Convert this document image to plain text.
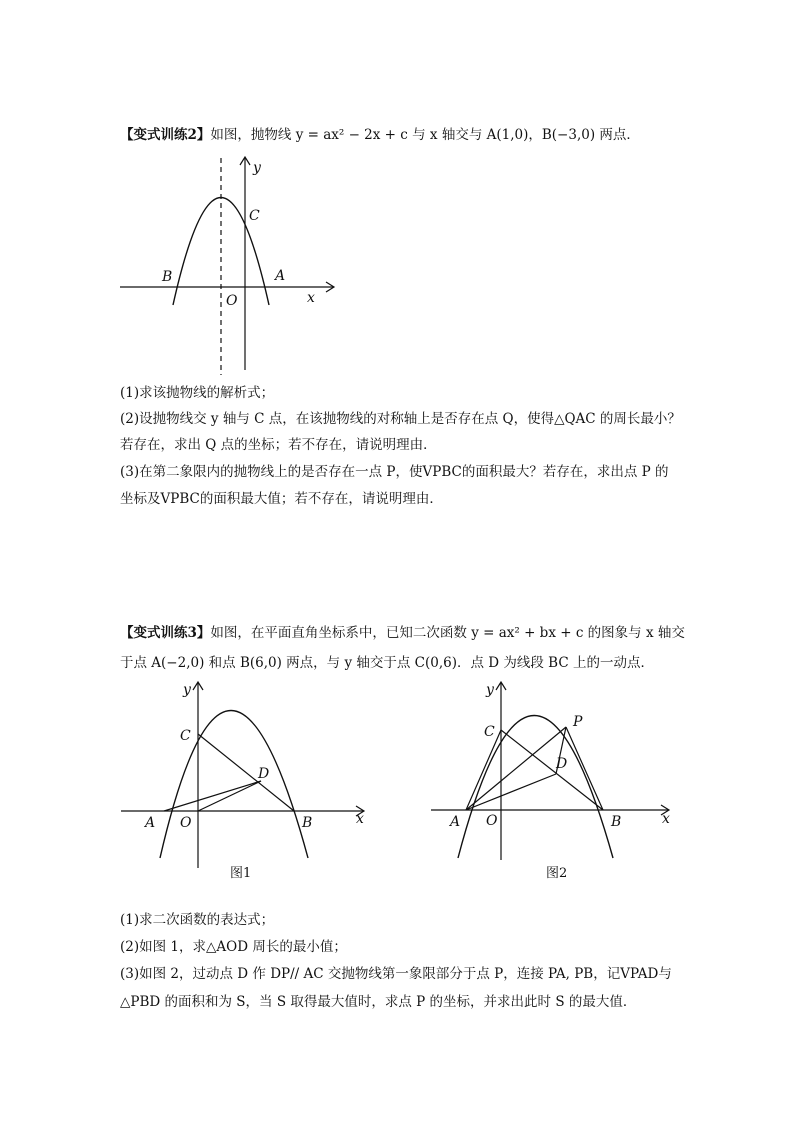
【变式训练2】如图，抛物线 y = ax² − 2x + c 与 x 轴交与 A(1,0)，B(−3,0) 两点．
y
x
O
A
B
C
(1)求该抛物线的解析式；
(2)设抛物线交 y 轴与 C 点，在该抛物线的对称轴上是否存在点 Q，使得△QAC 的周长最小？
若存在，求出 Q 点的坐标；若不存在，请说明理由．
(3)在第二象限内的抛物线上的是否存在一点 P，使VPBC的面积最大？若存在，求出点 P 的
坐标及VPBC的面积最大值；若不存在，请说明理由．
【变式训练3】如图，在平面直角坐标系中，已知二次函数 y = ax² + bx + c 的图象与 x 轴交
于点 A(−2,0) 和点 B(6,0) 两点，与 y 轴交于点 C(0,6)．点 D 为线段 BC 上的一动点．
y
x
O
A	B
C
D
图1
y
x
O
A	B
C
D
P
图2
(1)求二次函数的表达式；
(2)如图 1，求△AOD 周长的最小值；
(3)如图 2，过动点 D 作 DP// AC 交抛物线第一象限部分于点 P，连接 PA, PB，记VPAD与
△PBD 的面积和为 S，当 S 取得最大值时，求点 P 的坐标，并求出此时 S 的最大值．
